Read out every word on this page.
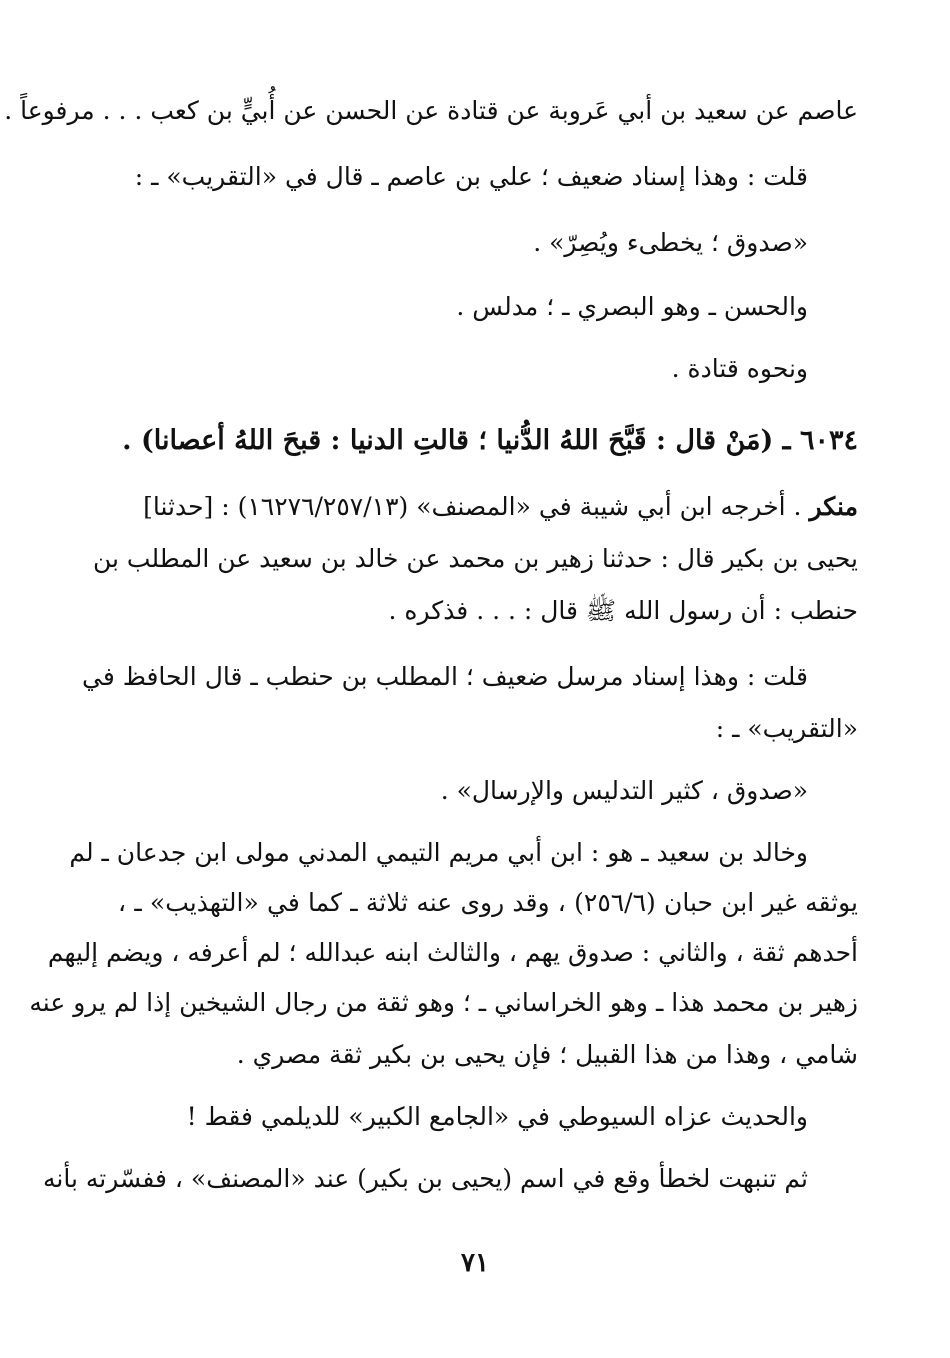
عاصم عن سعيد بن أبي عَروبة عن قتادة عن الحسن عن أُبيٍّ بن كعب . . . مرفوعاً .
قلت : وهذا إسناد ضعيف ؛ علي بن عاصم ـ قال في «التقريب» ـ :
«صدوق ؛ يخطىء ويُصِرّ» .
والحسن ـ وهو البصري ـ ؛ مدلس .
ونحوه قتادة .
٦٠٣٤ ـ (مَنْ قال : قَبَّحَ اللهُ الدُّنيا ؛ قالتِ الدنيا : قبحَ اللهُ أعصانا) .
منكر . أخرجه ابن أبي شيبة في «المصنف» (١٦٢٧٦/٢٥٧/١٣) : [حدثنا]
يحيى بن بكير قال : حدثنا زهير بن محمد عن خالد بن سعيد عن المطلب بن
حنطب : أن رسول الله ﷺ قال : . . . فذكره .
قلت : وهذا إسناد مرسل ضعيف ؛ المطلب بن حنطب ـ قال الحافظ في
«التقريب» ـ :
«صدوق ، كثير التدليس والإرسال» .
وخالد بن سعيد ـ هو : ابن أبي مريم التيمي المدني مولى ابن جدعان ـ لم
يوثقه غير ابن حبان (٢٥٦/٦) ، وقد روى عنه ثلاثة ـ كما في «التهذيب» ـ ،
أحدهم ثقة ، والثاني : صدوق يهم ، والثالث ابنه عبدالله ؛ لم أعرفه ، ويضم إليهم
زهير بن محمد هذا ـ وهو الخراساني ـ ؛ وهو ثقة من رجال الشيخين إذا لم يرو عنه
شامي ، وهذا من هذا القبيل ؛ فإن يحيى بن بكير ثقة مصري .
والحديث عزاه السيوطي في «الجامع الكبير» للديلمي فقط !
ثم تنبهت لخطأ وقع في اسم (يحيى بن بكير) عند «المصنف» ، ففسّرته بأنه
٧١
